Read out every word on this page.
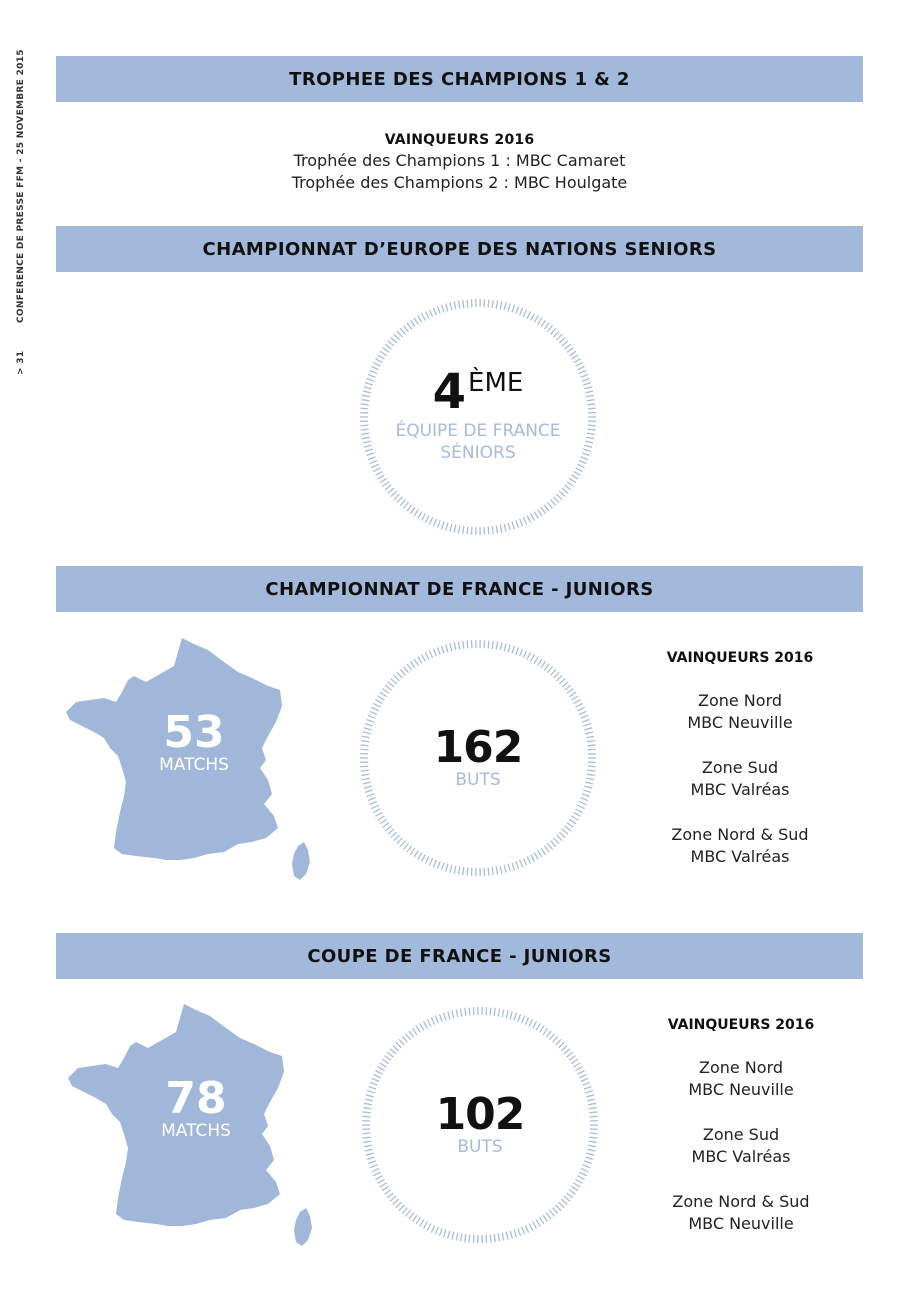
CONFERENCE DE PRESSE FFM - 25 NOVEMBRE 2015
> 31
TROPHEE DES CHAMPIONS 1 & 2
VAINQUEURS 2016
Trophée des Champions 1 : MBC Camaret
Trophée des Champions 2 : MBC Houlgate
CHAMPIONNAT D’EUROPE DES NATIONS SENIORS
4 ÈME
ÉQUIPE DE FRANCE
SÉNIORS
CHAMPIONNAT DE FRANCE - JUNIORS
53
MATCHS	162
BUTS
VAINQUEURS 2016
Zone Nord
MBC Neuville
Zone Sud
MBC Valréas
Zone Nord & Sud
MBC Valréas
COUPE DE FRANCE - JUNIORS
78
MATCHS	102
BUTS
VAINQUEURS 2016
Zone Nord
MBC Neuville
Zone Sud
MBC Valréas
Zone Nord & Sud
MBC Neuville
